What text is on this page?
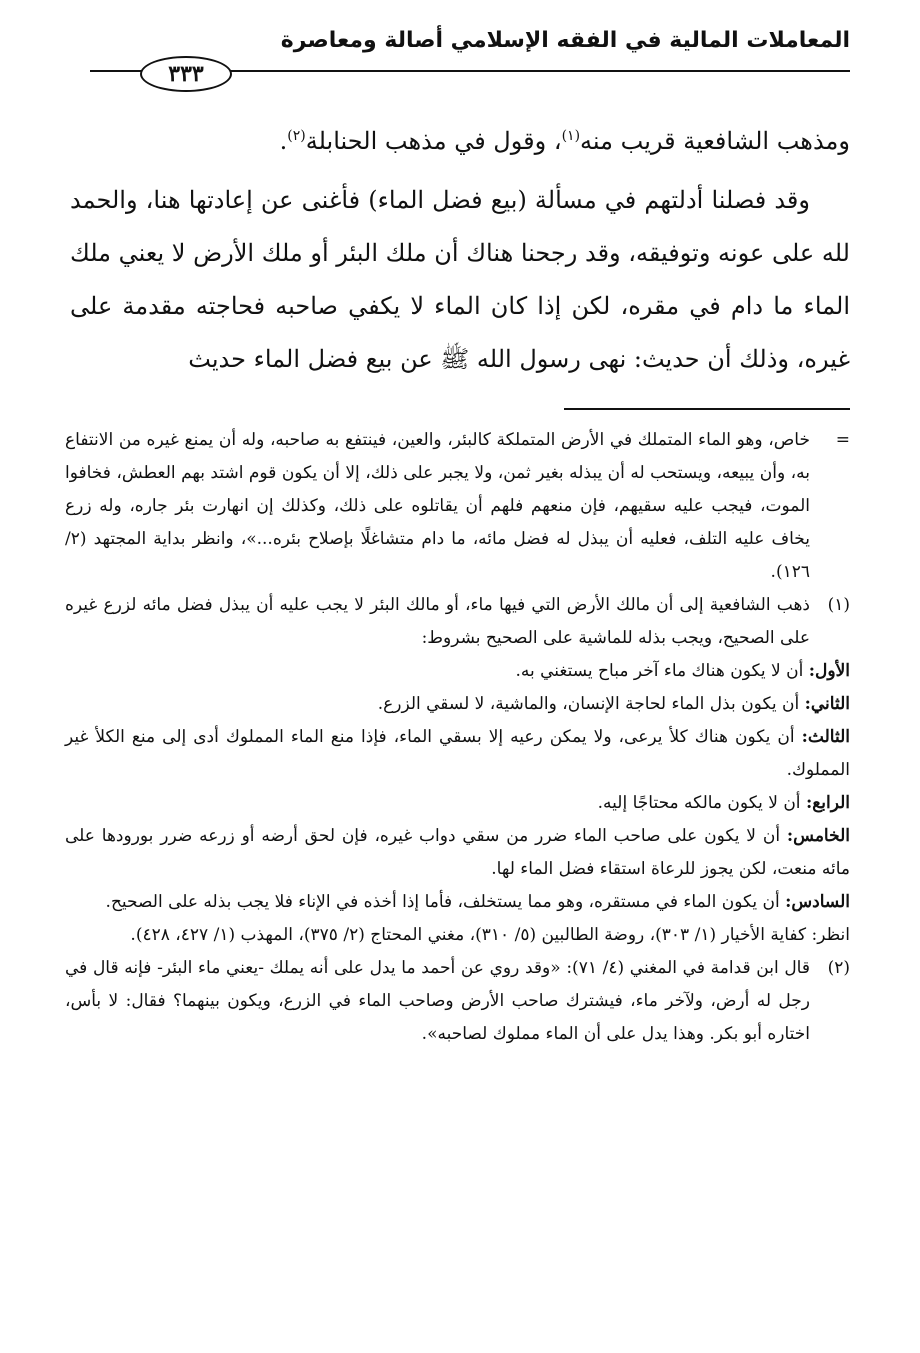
المعاملات المالية في الفقه الإسلامي أصالة ومعاصرة
٣٣٣

ومذهب الشافعية قريب منه$^{(١)}$، وقول في مذهب الحنابلة$^{(٢)}$.

وقد فصلنا أدلتهم في مسألة (بيع فضل الماء) فأغنى عن إعادتها هنا، والحمد لله على عونه وتوفيقه، وقد رجحنا هناك أن ملك البئر أو ملك الأرض لا يعني ملك الماء ما دام في مقره، لكن إذا كان الماء لا يكفي صاحبه فحاجته مقدمة على غيره، وذلك أن حديث: نهى رسول الله ﷺ عن بيع فضل الماء حديث

=

خاص، وهو الماء المتملك في الأرض المتملكة كالبئر، والعين، فينتفع به صاحبه، وله أن يمنع غيره من الانتفاع به، وأن يبيعه، ويستحب له أن يبذله بغير ثمن، ولا يجبر على ذلك، إلا أن يكون قوم اشتد بهم العطش، فخافوا الموت، فيجب عليه سقيهم، فإن منعهم فلهم أن يقاتلوه على ذلك، وكذلك إن انهارت بئر جاره، وله زرع يخاف عليه التلف، فعليه أن يبذل له فضل مائه، ما دام متشاغلًا بإصلاح بئره...»، وانظر بداية المجتهد (٢/ ١٢٦).

(١)

ذهب الشافعية إلى أن مالك الأرض التي فيها ماء، أو مالك البئر لا يجب عليه أن يبذل فضل مائه لزرع غيره على الصحيح، ويجب بذله للماشية على الصحيح بشروط:

الأول: أن لا يكون هناك ماء آخر مباح يستغني به.

الثاني: أن يكون بذل الماء لحاجة الإنسان، والماشية، لا لسقي الزرع.

الثالث: أن يكون هناك كلأ يرعى، ولا يمكن رعيه إلا بسقي الماء، فإذا منع الماء المملوك أدى إلى منع الكلأ غير المملوك.

الرابع: أن لا يكون مالكه محتاجًا إليه.

الخامس: أن لا يكون على صاحب الماء ضرر من سقي دواب غيره، فإن لحق أرضه أو زرعه ضرر بورودها على مائه منعت، لكن يجوز للرعاة استقاء فضل الماء لها.

السادس: أن يكون الماء في مستقره، وهو مما يستخلف، فأما إذا أخذه في الإناء فلا يجب بذله على الصحيح.

انظر: كفاية الأخيار (١/ ٣٠٣)، روضة الطالبين (٥/ ٣١٠)، مغني المحتاج (٢/ ٣٧٥)، المهذب (١/ ٤٢٧، ٤٢٨).

(٢)

قال ابن قدامة في المغني (٤/ ٧١): «وقد روي عن أحمد ما يدل على أنه يملك -يعني ماء البئر- فإنه قال في رجل له أرض، ولآخر ماء، فيشترك صاحب الأرض وصاحب الماء في الزرع، ويكون بينهما؟ فقال: لا بأس، اختاره أبو بكر. وهذا يدل على أن الماء مملوك لصاحبه».
